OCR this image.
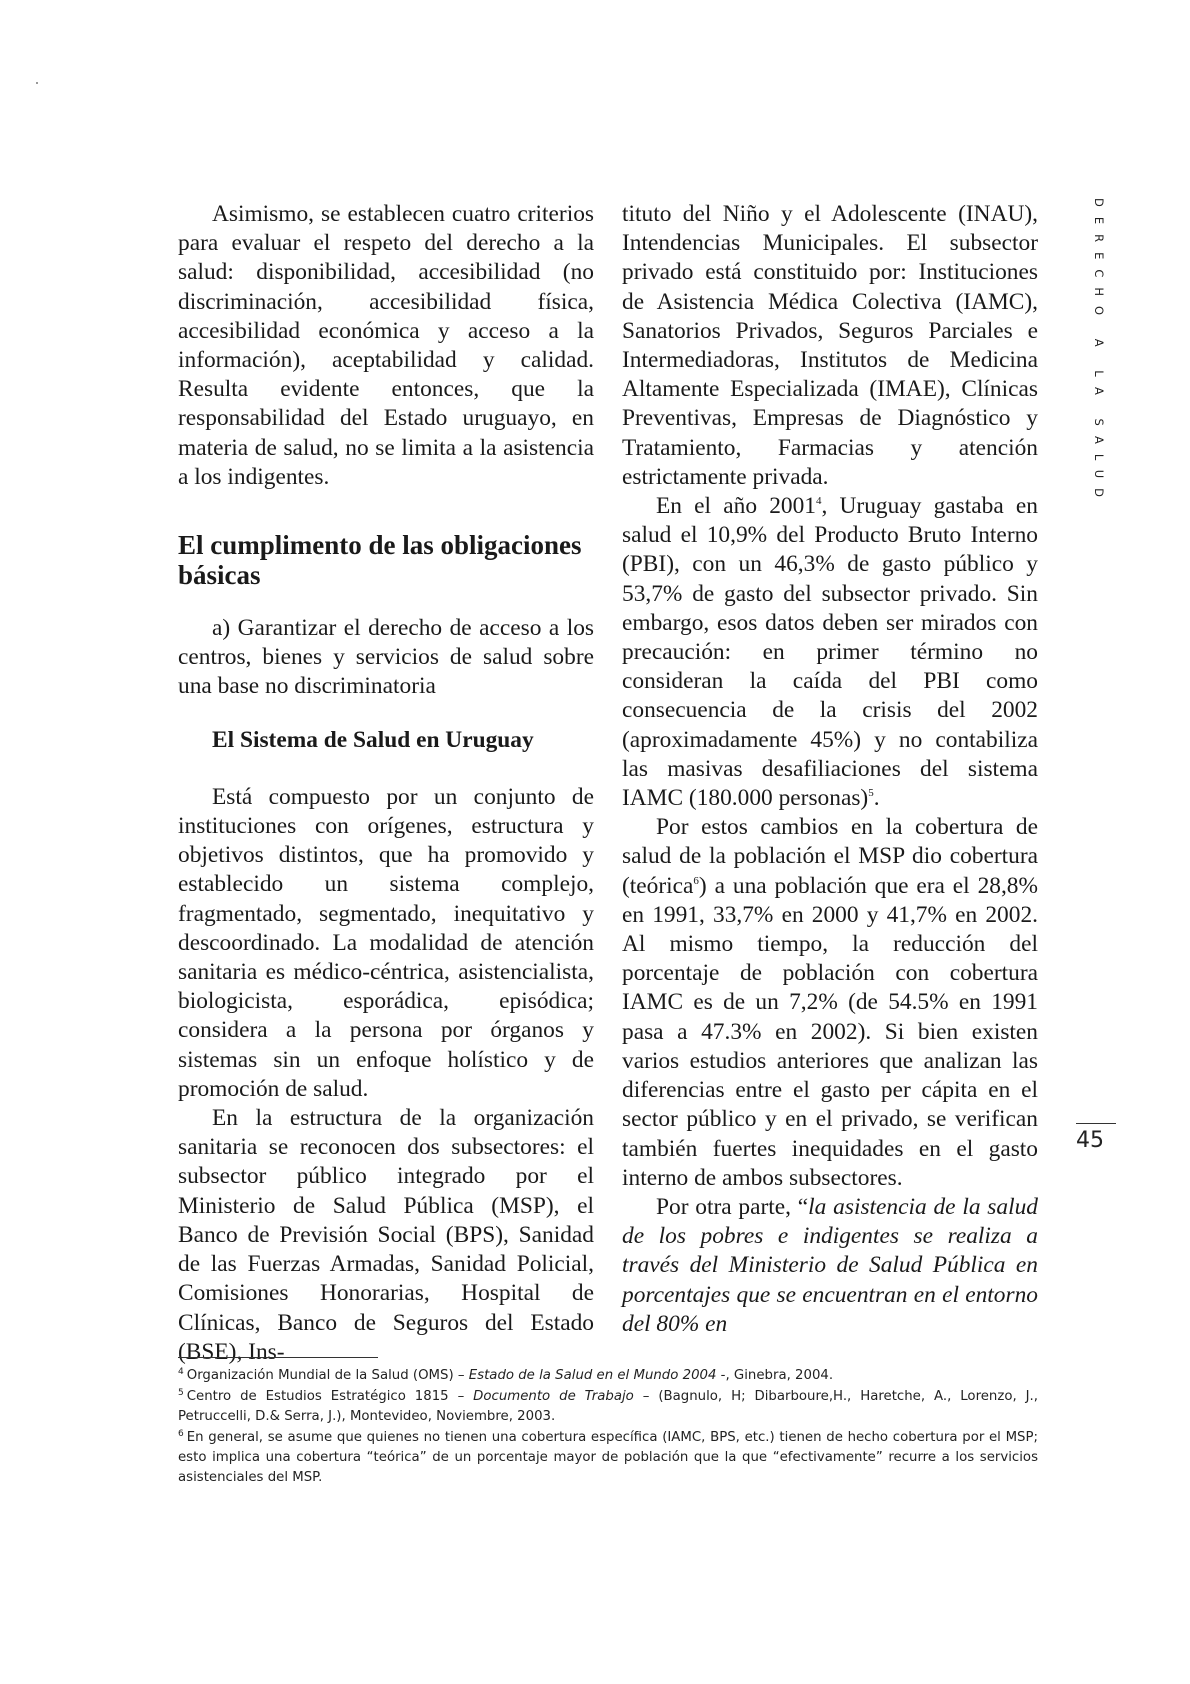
DERECHO A LA SALUD

Asimismo, se establecen cuatro criterios para evaluar el respeto del derecho a la salud: disponibilidad, accesibilidad (no discriminación, accesibilidad física, accesibilidad económica y acceso a la información), aceptabilidad y calidad. Resulta evidente entonces, que la responsabilidad del Estado uruguayo, en materia de salud, no se limita a la asistencia a los indigentes.

El cumplimento de las obligaciones básicas

a) Garantizar el derecho de acceso a los centros, bienes y servicios de salud sobre una base no discriminatoria

El Sistema de Salud en Uruguay

Está compuesto por un conjunto de instituciones con orígenes, estructura y objetivos distintos, que ha promovido y establecido un sistema complejo, fragmentado, segmentado, inequitativo y descoordinado. La modalidad de atención sanitaria es médico-céntrica, asistencialista, biologicista, esporádica, episódica; considera a la persona por órganos y sistemas sin un enfoque holístico y de promoción de salud.

En la estructura de la organización sanitaria se reconocen dos subsectores: el subsector público integrado por el Ministerio de Salud Pública (MSP), el Banco de Previsión Social (BPS), Sanidad de las Fuerzas Armadas, Sanidad Policial, Comisiones Honorarias, Hospital de Clínicas, Banco de Seguros del Estado (BSE), Ins-

tituto del Niño y el Adolescente (INAU), Intendencias Municipales. El subsector privado está constituido por: Instituciones de Asistencia Médica Colectiva (IAMC), Sanatorios Privados, Seguros Parciales e Intermediadoras, Institutos de Medicina Altamente Especializada (IMAE), Clínicas Preventivas, Empresas de Diagnóstico y Tratamiento, Farmacias y atención estrictamente privada.

En el año 2001$^4$, Uruguay gastaba en salud el 10,9% del Producto Bruto Interno (PBI), con un 46,3% de gasto público y 53,7% de gasto del subsector privado. Sin embargo, esos datos deben ser mirados con precaución: en primer término no consideran la caída del PBI como consecuencia de la crisis del 2002 (aproximadamente 45%) y no contabiliza las masivas desafiliaciones del sistema IAMC (180.000 personas)$^5$.

Por estos cambios en la cobertura de salud de la población el MSP dio cobertura (teórica$^6$) a una población que era el 28,8% en 1991, 33,7% en 2000 y 41,7% en 2002. Al mismo tiempo, la reducción del porcentaje de población con cobertura IAMC es de un 7,2% (de 54.5% en 1991 pasa a 47.3% en 2002). Si bien existen varios estudios anteriores que analizan las diferencias entre el gasto per cápita en el sector público y en el privado, se verifican también fuertes inequidades en el gasto interno de ambos subsectores.

Por otra parte, “la asistencia de la salud de los pobres e indigentes se realiza a través del Ministerio de Salud Pública en porcentajes que se encuentran en el entorno del 80% en

45
$^4$ Organización Mundial de la Salud (OMS) – Estado de la Salud en el Mundo 2004 -, Ginebra, 2004.
$^5$ Centro de Estudios Estratégico 1815 – Documento de Trabajo – (Bagnulo, H; Dibarboure,H., Haretche, A., Lorenzo, J., Petruccelli, D.& Serra, J.), Montevideo, Noviembre, 2003.
$^6$ En general, se asume que quienes no tienen una cobertura específica (IAMC, BPS, etc.) tienen de hecho cobertura por el MSP; esto implica una cobertura “teórica” de un porcentaje mayor de población que la que “efectivamente” recurre a los servicios asistenciales del MSP.
